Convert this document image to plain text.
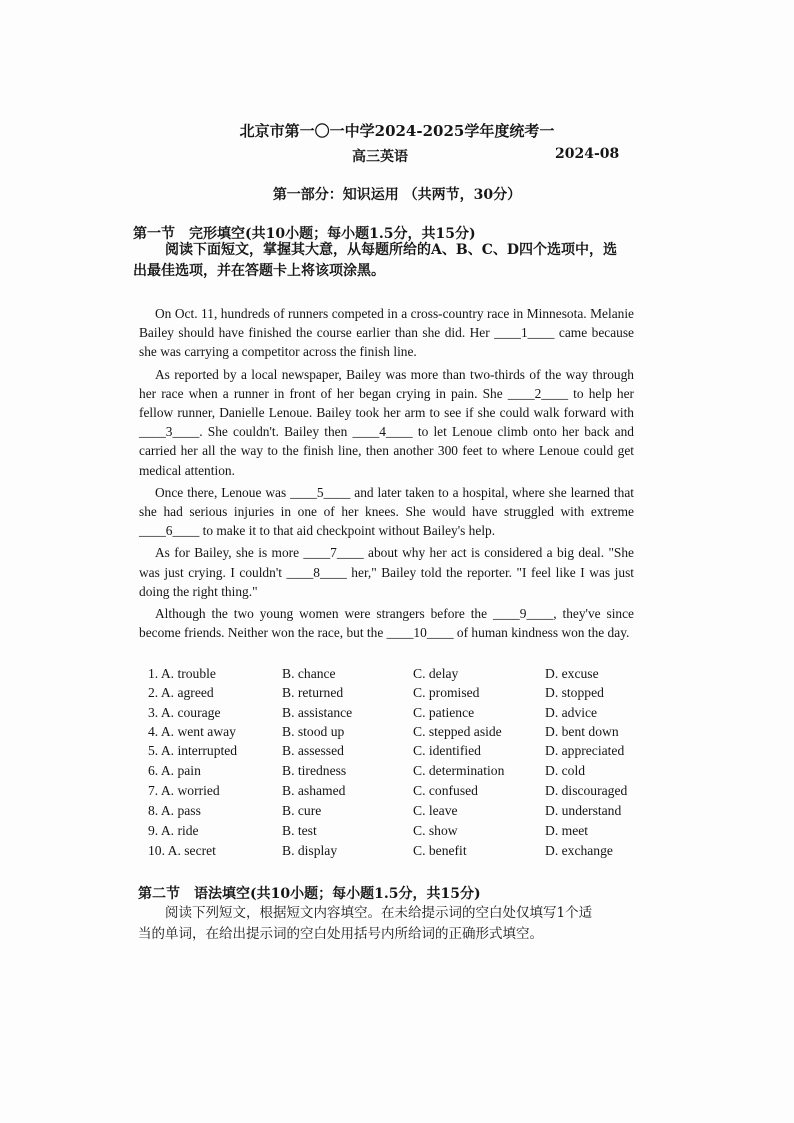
北京市第一〇一中学2024-2025学年度统考一
高三英语	2024-08
第一部分：知识运用 （共两节，30分）
第一节 完形填空(共10小题；每小题1.5分，共15分)
阅读下面短文，掌握其大意，从每题所给的A、B、C、D四个选项中，选
出最佳选项，并在答题卡上将该项涂黑。

On Oct. 11, hundreds of runners competed in a cross-country race in Minnesota. Melanie Bailey should have finished the course earlier than she did. Her ____1____ came because she was carrying a competitor across the finish line.

As reported by a local newspaper, Bailey was more than two-thirds of the way through her race when a runner in front of her began crying in pain. She ____2____ to help her fellow runner, Danielle Lenoue. Bailey took her arm to see if she could walk forward with ____3____. She couldn't. Bailey then ____4____ to let Lenoue climb onto her back and carried her all the way to the finish line, then another 300 feet to where Lenoue could get medical attention.

Once there, Lenoue was ____5____ and later taken to a hospital, where she learned that she had serious injuries in one of her knees. She would have struggled with extreme ____6____ to make it to that aid checkpoint without Bailey's help.

As for Bailey, she is more ____7____ about why her act is considered a big deal. "She was just crying. I couldn't ____8____ her," Bailey told the reporter. "I feel like I was just doing the right thing."

Although the two young women were strangers before the ____9____, they've since become friends. Neither won the race, but the ____10____ of human kindness won the day.

1. A. trouble	B. chance	C. delay	D. excuse
2. A. agreed	B. returned	C. promised	D. stopped
3. A. courage	B. assistance	C. patience	D. advice
4. A. went away	B. stood up	C. stepped aside	D. bent down
5. A. interrupted	B. assessed	C. identified	D. appreciated
6. A. pain	B. tiredness	C. determination	D. cold
7. A. worried	B. ashamed	C. confused	D. discouraged
8. A. pass	B. cure	C. leave	D. understand
9. A. ride	B. test	C. show	D. meet
10. A. secret	B. display	C. benefit	D. exchange
第二节 语法填空(共10小题；每小题1.5分，共15分)
阅读下列短文，根据短文内容填空。在未给提示词的空白处仅填写1个适
当的单词，在给出提示词的空白处用括号内所给词的正确形式填空。
